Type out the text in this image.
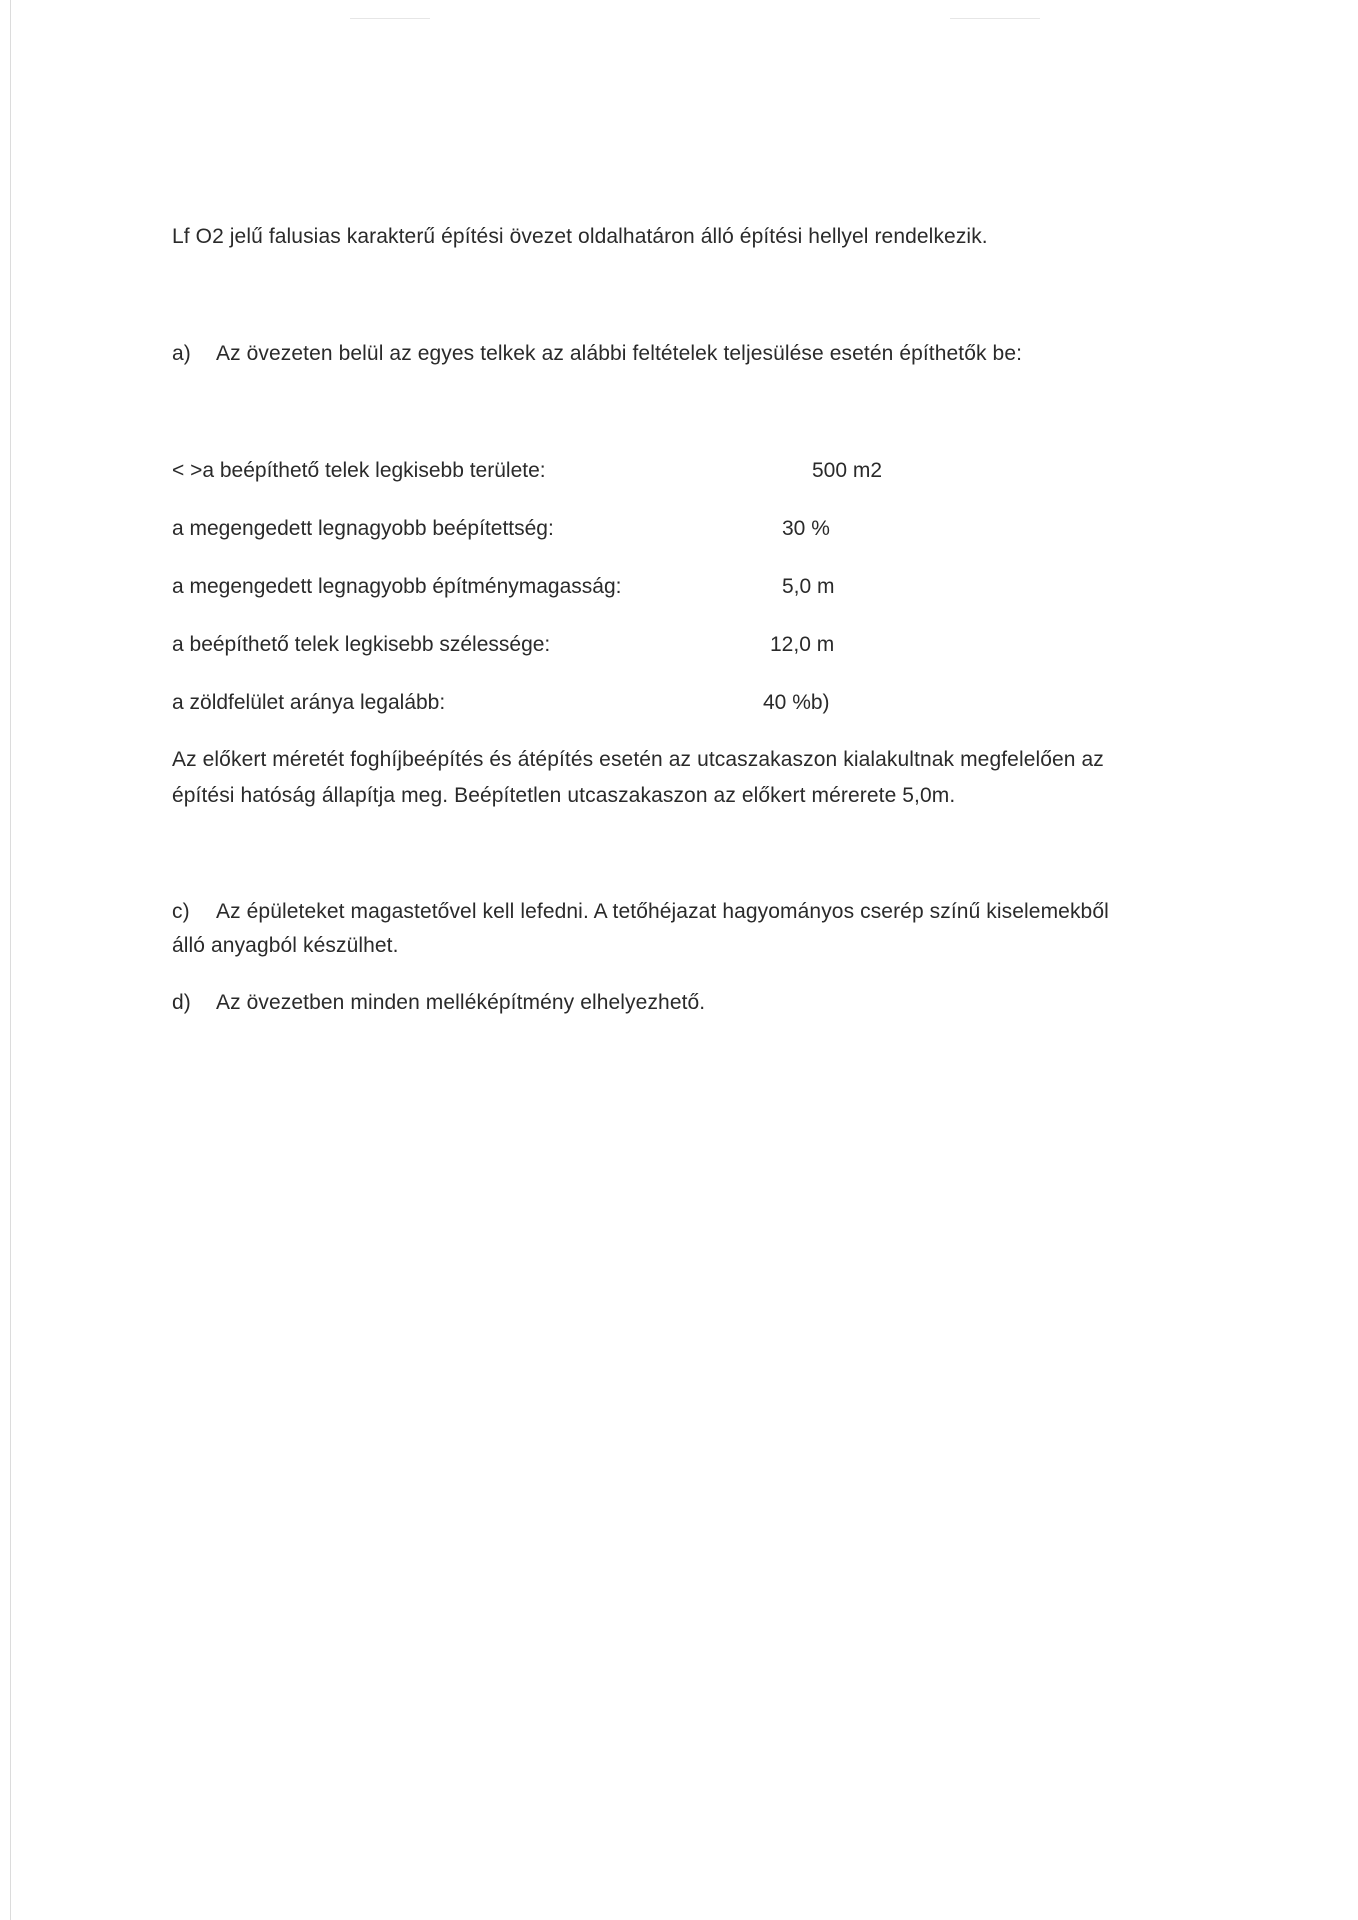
Lf O2 jelű falusias karakterű építési övezet oldalhatáron álló építési hellyel rendelkezik.
a) Az övezeten belül az egyes telkek az alábbi feltételek teljesülése esetén építhetők be:
< >a beépíthető telek legkisebb területe:	500 m2
a megengedett legnagyobb beépítettség:	30 %
a megengedett legnagyobb építménymagasság:	5,0 m
a beépíthető telek legkisebb szélessége:	12,0 m
a zöldfelület aránya legalább:	40 %b)
Az előkert méretét foghíjbeépítés és átépítés esetén az utcaszakaszon kialakultnak megfelelően az
építési hatóság állapítja meg. Beépítetlen utcaszakaszon az előkert mérerete 5,0m.
c) Az épületeket magastetővel kell lefedni. A tetőhéjazat hagyományos cserép színű kiselemekből
álló anyagból készülhet.
d) Az övezetben minden melléképítmény elhelyezhető.
